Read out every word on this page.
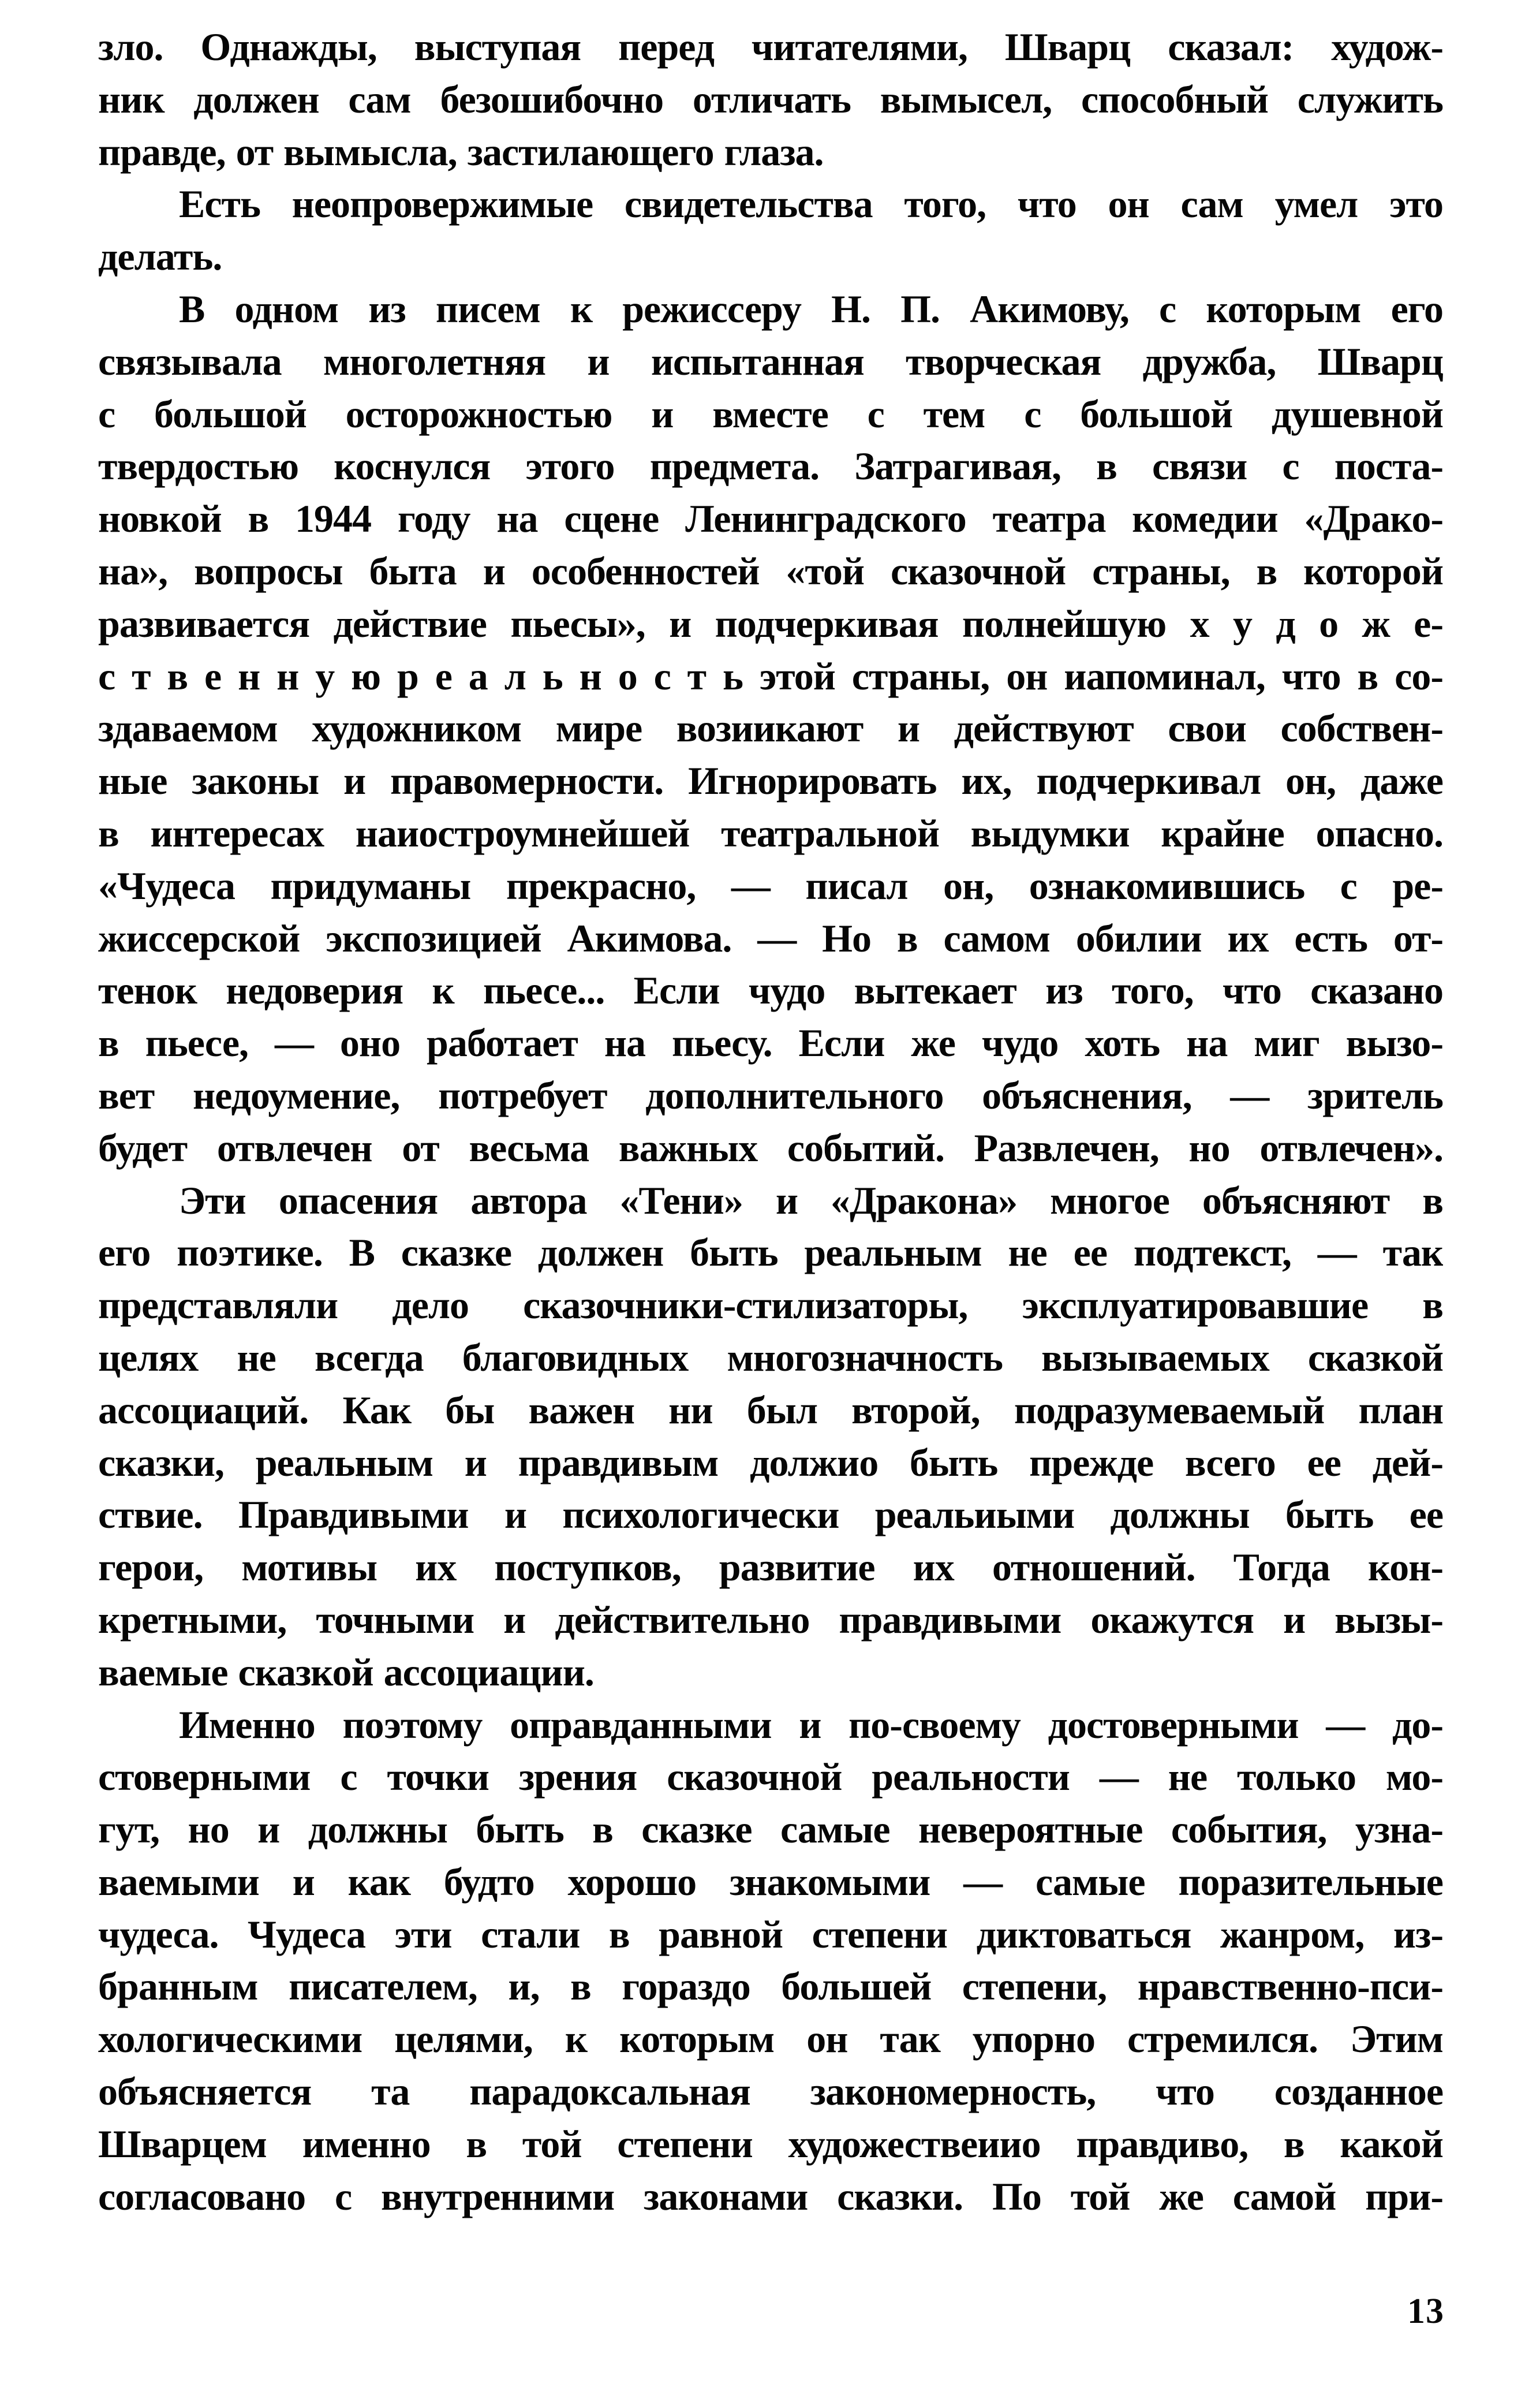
зло. Однажды, выступая перед читателями, Шварц сказал: худож-
ник должен сам безошибочно отличать вымысел, способный служить
правде, от вымысла, застилающего глаза.
Есть неопровержимые свидетельства того, что он сам умел это
делать.
В одном из писем к режиссеру Н. П. Акимову, с которым его
связывала многолетняя и испытанная творческая дружба, Шварц
с большой осторожностью и вместе с тем с большой душевной
твердостью коснулся этого предмета. Затрагивая, в связи с поста-
новкой в 1944 году на сцене Ленинградского театра комедии «Драко-
на», вопросы быта и особенностей «той сказочной страны, в которой
развивается действие пьесы», и подчеркивая полнейшую х у д о ж е-
с т в е н н у ю р е а л ь н о с т ь этой страны, он иапоминал, что в со-
здаваемом художником мире возиикают и действуют свои собствен-
ные законы и правомерности. Игнорировать их, подчеркивал он, даже
в интересах наиостроумнейшей театральной выдумки крайне опасно.
«Чудеса придуманы прекрасно, — писал он, ознакомившись с ре-
жиссерской экспозицией Акимова. — Но в самом обилии их есть от-
тенок недоверия к пьесе... Если чудо вытекает из того, что сказано
в пьесе, — оно работает на пьесу. Если же чудо хоть на миг вызо-
вет недоумение, потребует дополнительного объяснения, — зритель
будет отвлечен от весьма важных событий. Развлечен, но отвлечен».
Эти опасения автора «Тени» и «Дракона» многое объясняют в
его поэтике. В сказке должен быть реальным не ее подтекст, — так
представляли дело сказочники-стилизаторы, эксплуатировавшие в
целях не всегда благовидных многозначность вызываемых сказкой
ассоциаций. Как бы важен ни был второй, подразумеваемый план
сказки, реальным и правдивым должио быть прежде всего ее дей-
ствие. Правдивыми и психологически реальиыми должны быть ее
герои, мотивы их поступков, развитие их отношений. Тогда кон-
кретными, точными и действительно правдивыми окажутся и вызы-
ваемые сказкой ассоциации.
Именно поэтому оправданными и по-своему достоверными — до-
стоверными с точки зрения сказочной реальности — не только мо-
гут, но и должны быть в сказке самые невероятные события, узна-
ваемыми и как будто хорошо знакомыми — самые поразительные
чудеса. Чудеса эти стали в равной степени диктоваться жанром, из-
бранным писателем, и, в гораздо большей степени, нравственно-пси-
хологическими целями, к которым он так упорно стремился. Этим
объясняется та парадоксальная закономерность, что созданное
Шварцем именно в той степени художествеиио правдиво, в какой
согласовано с внутренними законами сказки. По той же самой при-
13
